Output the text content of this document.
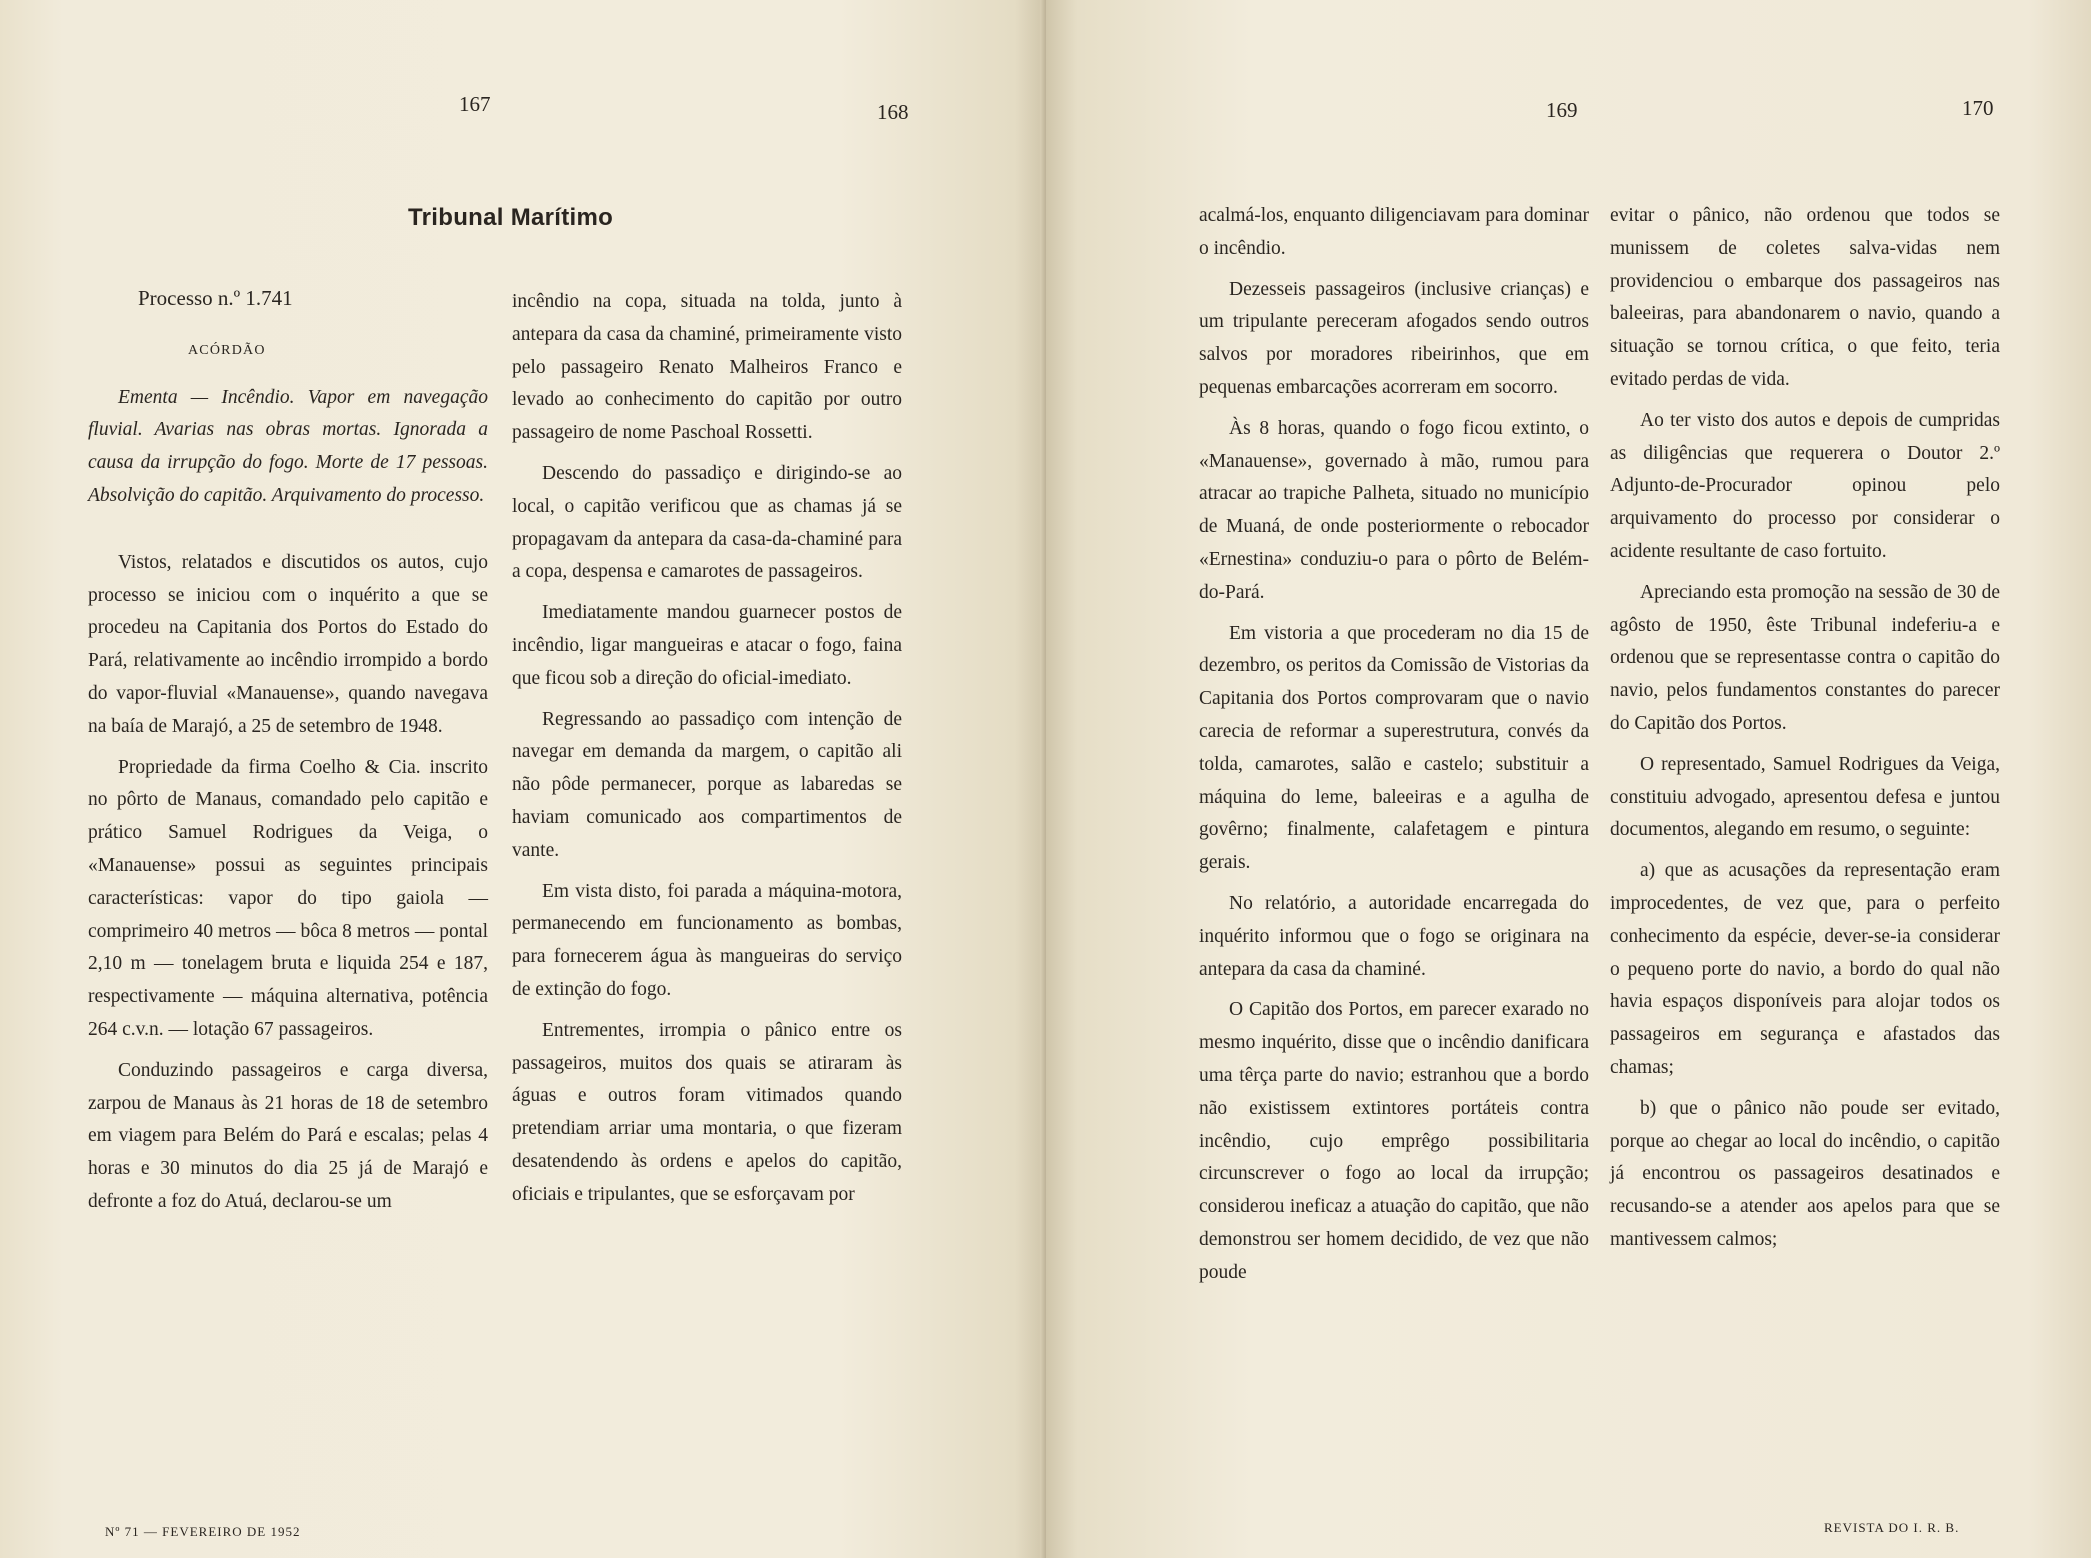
167	168
Tribunal Marítimo

Processo n.º 1.741

ACÓRDÃO

Ementa — Incêndio. Vapor em navegação fluvial. Avarias nas obras mortas. Ignorada a causa da irrupção do fogo. Morte de 17 pessoas. Absolvição do capitão. Arquivamento do processo.

Vistos, relatados e discutidos os autos, cujo processo se iniciou com o inquérito a que se procedeu na Capitania dos Portos do Estado do Pará, relativamente ao incêndio irrompido a bordo do vapor-fluvial «Manauense», quando navegava na baía de Marajó, a 25 de setembro de 1948.

Propriedade da firma Coelho & Cia. inscrito no pôrto de Manaus, comandado pelo capitão e prático Samuel Rodrigues da Veiga, o «Manauense» possui as seguintes principais características: vapor do tipo gaiola — comprimeiro 40 metros — bôca 8 metros — pontal 2,10 m — tonelagem bruta e liquida 254 e 187, respectivamente — máquina alternativa, potência 264 c.v.n. — lotação 67 passageiros.

Conduzindo passageiros e carga diversa, zarpou de Manaus às 21 horas de 18 de setembro em viagem para Belém do Pará e escalas; pelas 4 horas e 30 minutos do dia 25 já de Marajó e defronte a foz do Atuá, declarou-se um

incêndio na copa, situada na tolda, junto à antepara da casa da chaminé, primeiramente visto pelo passageiro Renato Malheiros Franco e levado ao conhecimento do capitão por outro passageiro de nome Paschoal Rossetti.

Descendo do passadiço e dirigindo-se ao local, o capitão verificou que as chamas já se propagavam da antepara da casa-da-chaminé para a copa, despensa e camarotes de passageiros.

Imediatamente mandou guarnecer postos de incêndio, ligar mangueiras e atacar o fogo, faina que ficou sob a direção do oficial-imediato.

Regressando ao passadiço com intenção de navegar em demanda da margem, o capitão ali não pôde permanecer, porque as labaredas se haviam comunicado aos compartimentos de vante.

Em vista disto, foi parada a máquina-motora, permanecendo em funcionamento as bombas, para fornecerem água às mangueiras do serviço de extinção do fogo.

Entrementes, irrompia o pânico entre os passageiros, muitos dos quais se atiraram às águas e outros foram vitimados quando pretendiam arriar uma montaria, o que fizeram desatendendo às ordens e apelos do capitão, oficiais e tripulantes, que se esforçavam por

Nº 71 — FEVEREIRO DE 1952
169	170

acalmá-los, enquanto diligenciavam para dominar o incêndio.

Dezesseis passageiros (inclusive crianças) e um tripulante pereceram afogados sendo outros salvos por moradores ribeirinhos, que em pequenas embarcações acorreram em socorro.

Às 8 horas, quando o fogo ficou extinto, o «Manauense», governado à mão, rumou para atracar ao trapiche Palheta, situado no município de Muaná, de onde posteriormente o rebocador «Ernestina» conduziu-o para o pôrto de Belém-do-Pará.

Em vistoria a que procederam no dia 15 de dezembro, os peritos da Comissão de Vistorias da Capitania dos Portos comprovaram que o navio carecia de reformar a superestrutura, convés da tolda, camarotes, salão e castelo; substituir a máquina do leme, baleeiras e a agulha de govêrno; finalmente, calafetagem e pintura gerais.

No relatório, a autoridade encarregada do inquérito informou que o fogo se originara na antepara da casa da chaminé.

O Capitão dos Portos, em parecer exarado no mesmo inquérito, disse que o incêndio danificara uma têrça parte do navio; estranhou que a bordo não existissem extintores portáteis contra incêndio, cujo emprêgo possibilitaria circunscrever o fogo ao local da irrupção; considerou ineficaz a atuação do capitão, que não demonstrou ser homem decidido, de vez que não poude

evitar o pânico, não ordenou que todos se munissem de coletes salva-vidas nem providenciou o embarque dos passageiros nas baleeiras, para abandonarem o navio, quando a situação se tornou crítica, o que feito, teria evitado perdas de vida.

Ao ter visto dos autos e depois de cumpridas as diligências que requerera o Doutor 2.º Adjunto-de-Procurador opinou pelo arquivamento do processo por considerar o acidente resultante de caso fortuito.

Apreciando esta promoção na sessão de 30 de agôsto de 1950, êste Tribunal indeferiu-a e ordenou que se representasse contra o capitão do navio, pelos fundamentos constantes do parecer do Capitão dos Portos.

O representado, Samuel Rodrigues da Veiga, constituiu advogado, apresentou defesa e juntou documentos, alegando em resumo, o seguinte:

a) que as acusações da representação eram improcedentes, de vez que, para o perfeito conhecimento da espécie, dever-se-ia considerar o pequeno porte do navio, a bordo do qual não havia espaços disponíveis para alojar todos os passageiros em segurança e afastados das chamas;

b) que o pânico não poude ser evitado, porque ao chegar ao local do incêndio, o capitão já encontrou os passageiros desatinados e recusando-se a atender aos apelos para que se mantivessem calmos;

REVISTA DO I. R. B.
